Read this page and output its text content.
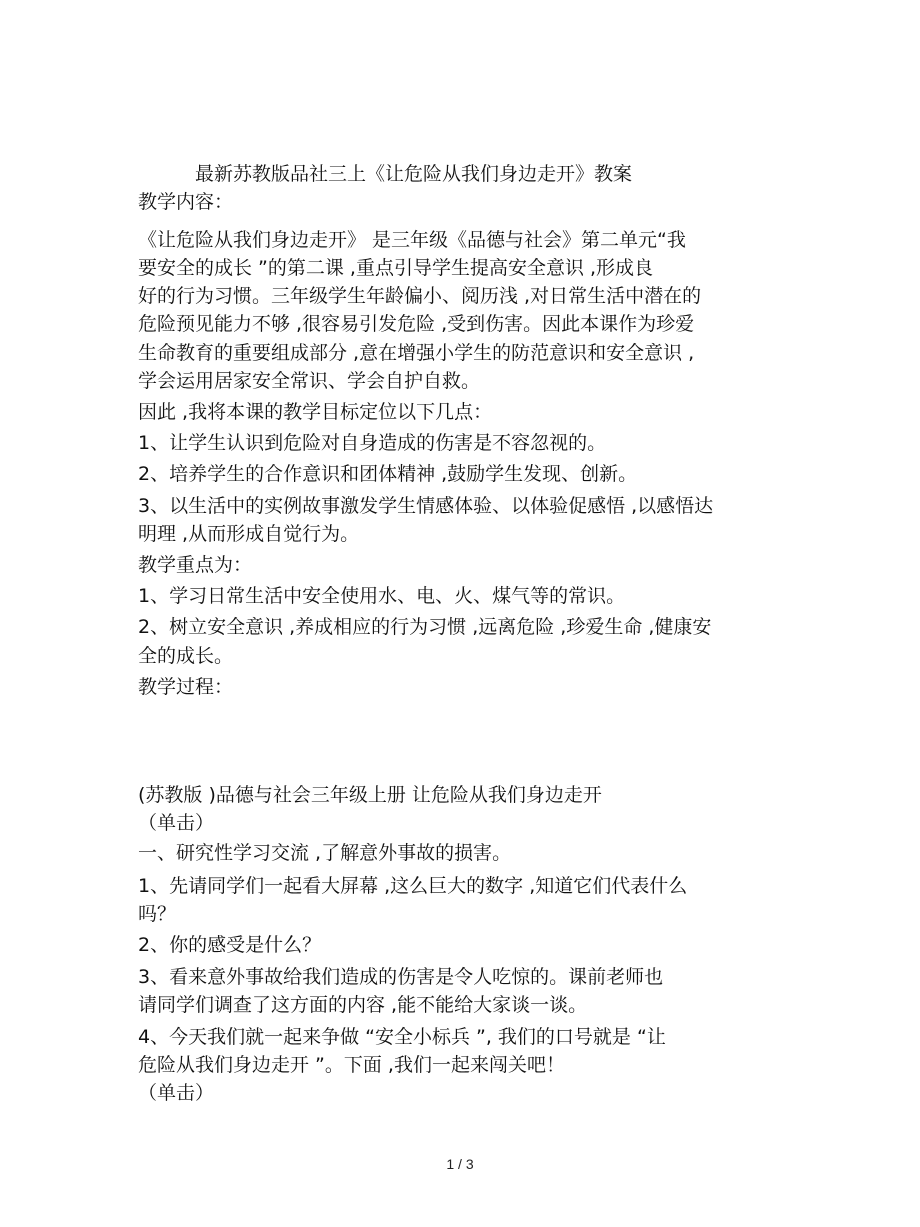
最新苏教版品社三上《让危险从我们身边走开》教案
教学内容：
《让危险从我们身边走开》 是三年级《品德与社会》第二单元“我
要安全的成长 ”的第二课 ,重点引导学生提高安全意识 ,形成良
好的行为习惯。三年级学生年龄偏小、阅历浅 ,对日常生活中潜在的
危险预见能力不够 ,很容易引发危险 ,受到伤害。因此本课作为珍爱
生命教育的重要组成部分 ,意在增强小学生的防范意识和安全意识 ,
学会运用居家安全常识、学会自护自救。
因此 ,我将本课的教学目标定位以下几点：
1、让学生认识到危险对自身造成的伤害是不容忽视的。
2、培养学生的合作意识和团体精神 ,鼓励学生发现、创新。
3、以生活中的实例故事激发学生情感体验、以体验促感悟 ,以感悟达
明理 ,从而形成自觉行为。
教学重点为：
1、学习日常生活中安全使用水、电、火、煤气等的常识。
2、树立安全意识 ,养成相应的行为习惯 ,远离危险 ,珍爱生命 ,健康安
全的成长。
教学过程：
(苏教版 )品德与社会三年级上册 让危险从我们身边走开
（单击）
一、研究性学习交流 ,了解意外事故的损害。
1、先请同学们一起看大屏幕 ,这么巨大的数字 ,知道它们代表什么
吗？
2、你的感受是什么？
3、看来意外事故给我们造成的伤害是令人吃惊的。课前老师也
请同学们调查了这方面的内容 ,能不能给大家谈一谈。
4、今天我们就一起来争做 “安全小标兵 ”, 我们的口号就是 “让
危险从我们身边走开 ”。下面 ,我们一起来闯关吧！
（单击）
1 / 3
